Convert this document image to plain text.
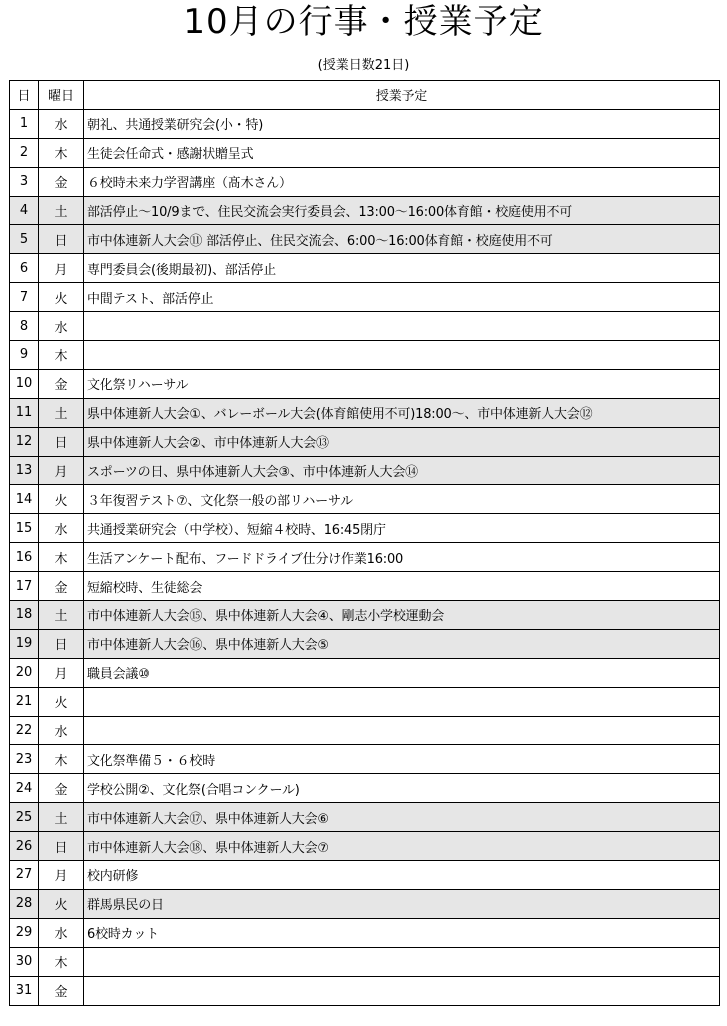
10月の行事・授業予定
(授業日数21日)
日	曜日	授業予定
1	水	朝礼、共通授業研究会(小・特)
2	木	生徒会任命式・感謝状贈呈式
3	金	６校時未来力学習講座（髙木さん）
4	土	部活停止～10/9まで、住民交流会実行委員会、13:00～16:00体育館・校庭使用不可
5	日	市中体連新人大会⑪ 部活停止、住民交流会、6:00～16:00体育館・校庭使用不可
6	月	専門委員会(後期最初)、部活停止
7	火	中間テスト、部活停止
8	水	
9	木	
10	金	文化祭リハーサル
11	土	県中体連新人大会①、バレーボール大会(体育館使用不可)18:00～、市中体連新人大会⑫
12	日	県中体連新人大会②、市中体連新人大会⑬
13	月	スポーツの日、県中体連新人大会③、市中体連新人大会⑭
14	火	３年復習テスト⑦、文化祭一般の部リハーサル
15	水	共通授業研究会（中学校）、短縮４校時、16:45閉庁
16	木	生活アンケート配布、フードドライブ仕分け作業16:00
17	金	短縮校時、生徒総会
18	土	市中体連新人大会⑮、県中体連新人大会④、剛志小学校運動会
19	日	市中体連新人大会⑯、県中体連新人大会⑤
20	月	職員会議⑩
21	火	
22	水	
23	木	文化祭準備５・６校時
24	金	学校公開②、文化祭(合唱コンクール)
25	土	市中体連新人大会⑰、県中体連新人大会⑥
26	日	市中体連新人大会⑱、県中体連新人大会⑦
27	月	校内研修
28	火	群馬県民の日
29	水	6校時カット
30	木	
31	金	
